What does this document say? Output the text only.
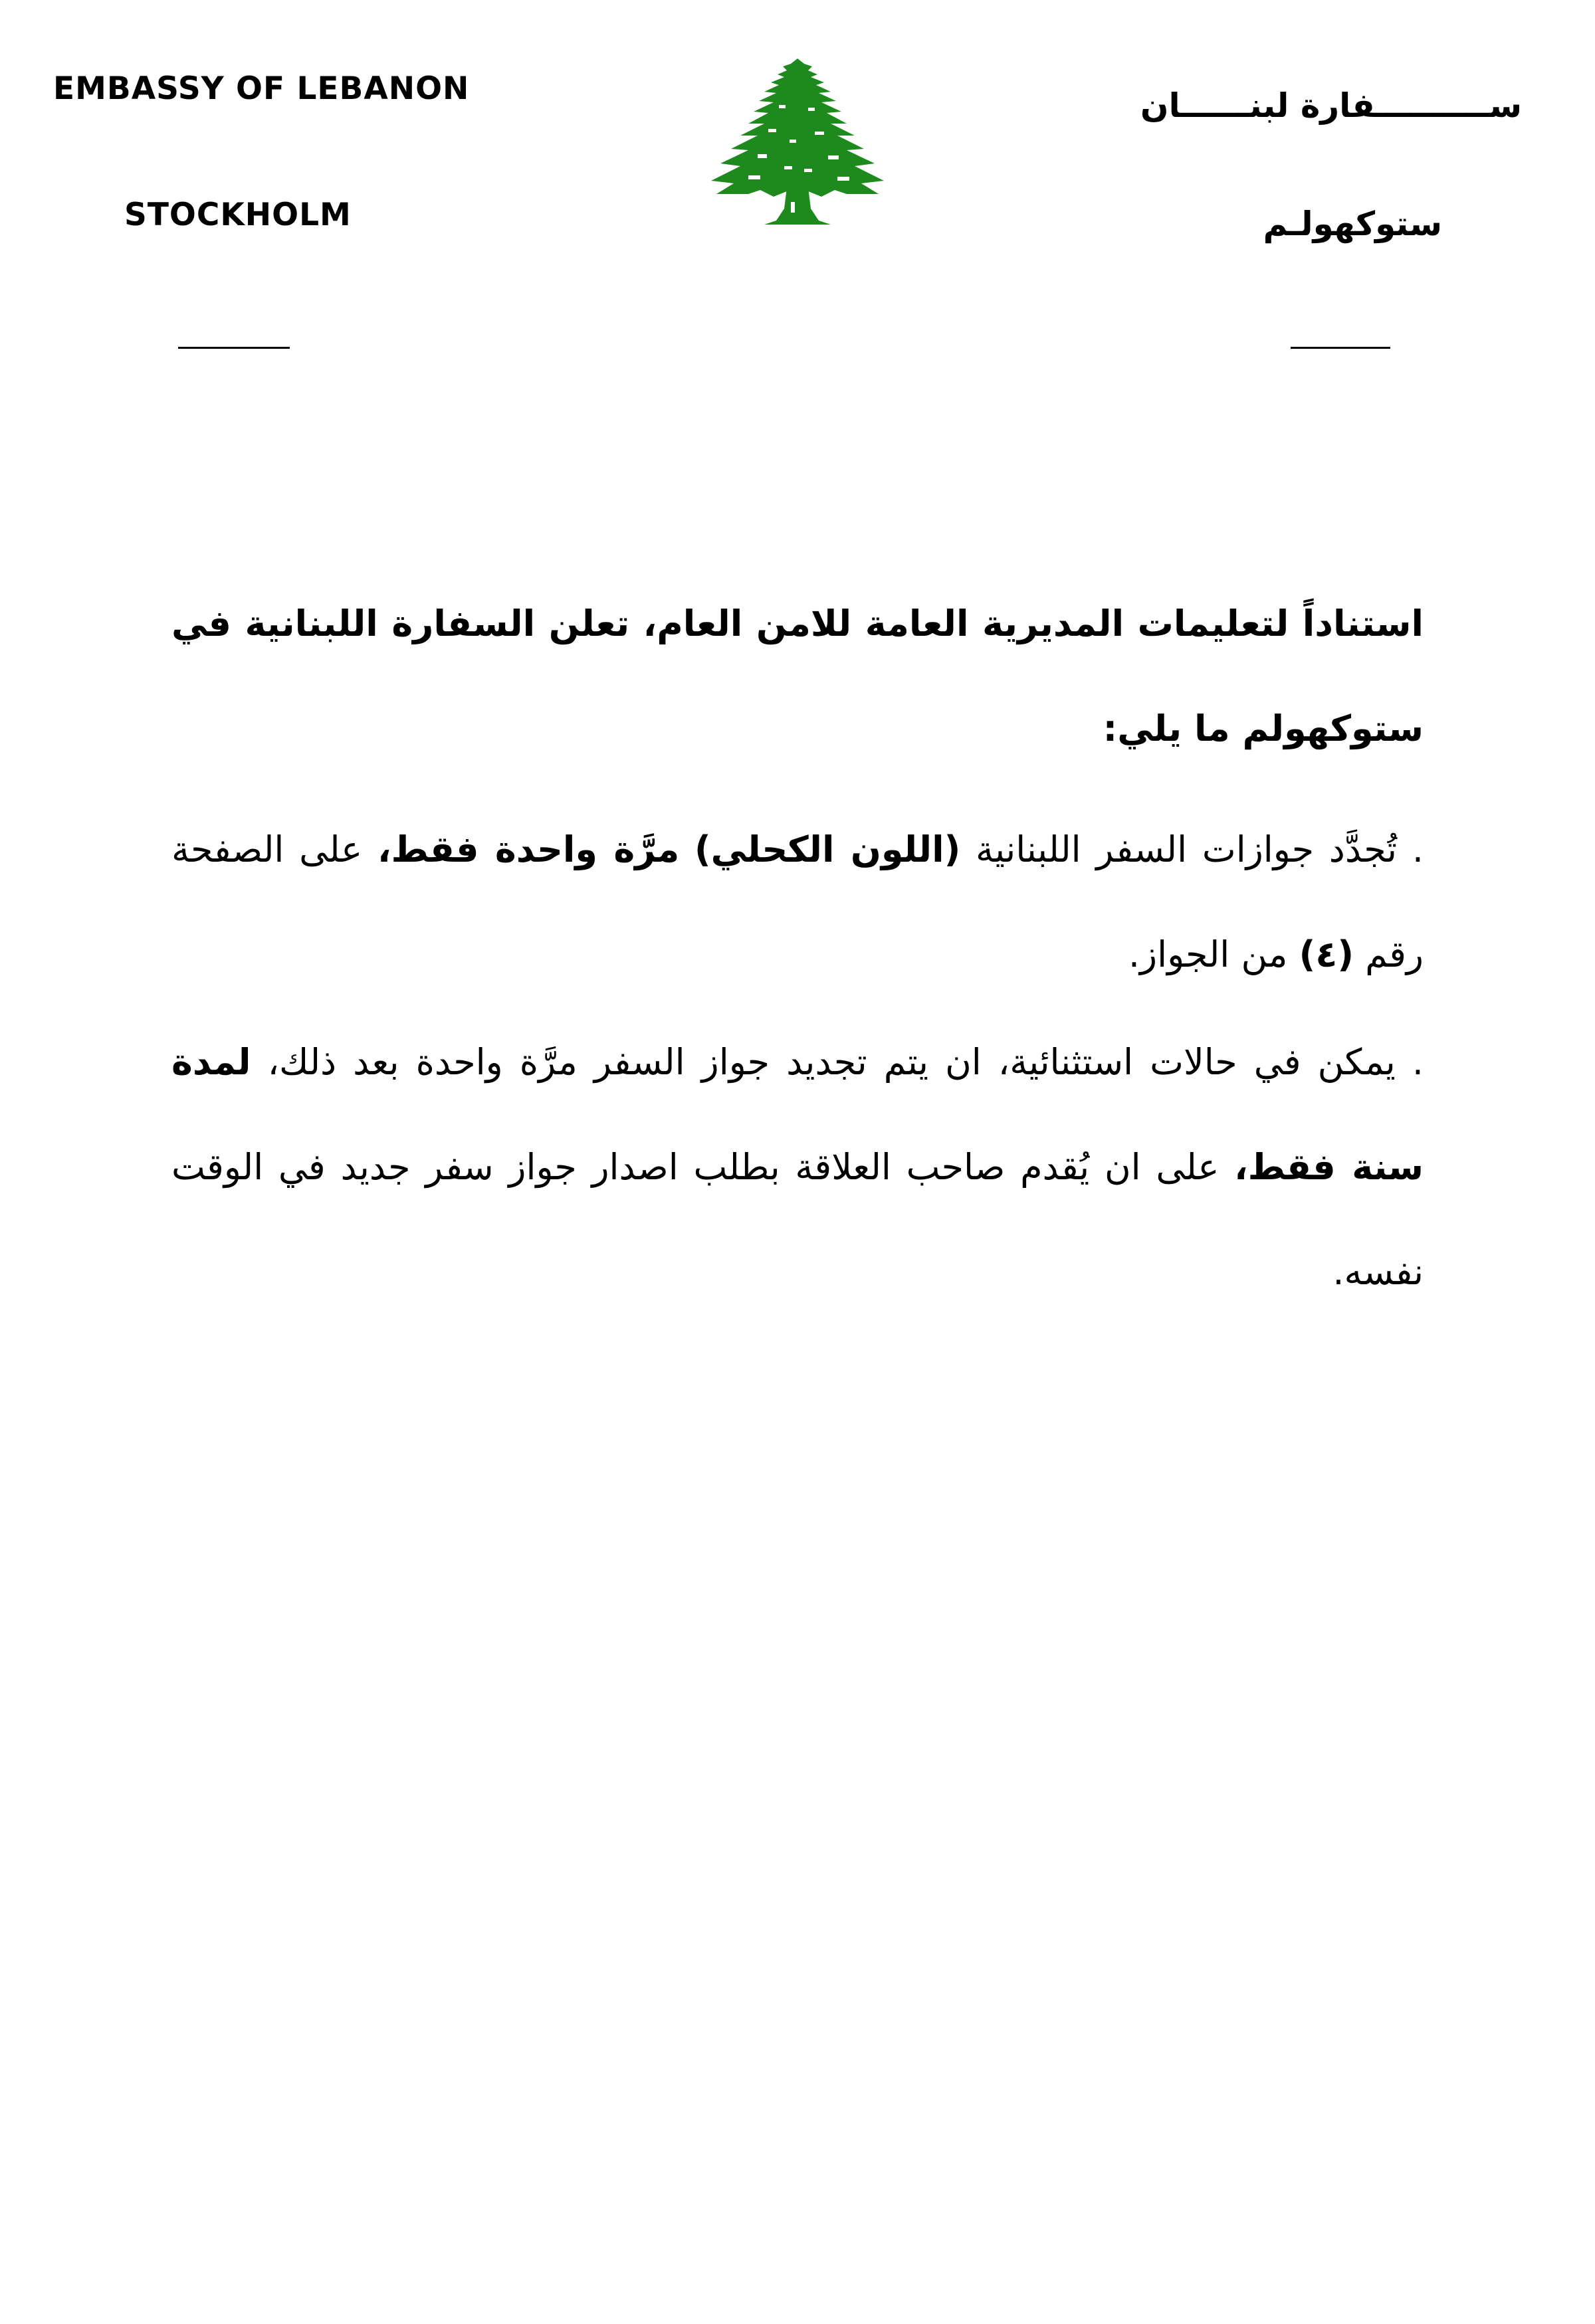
EMBASSY OF LEBANON
STOCKHOLM
ســــــــــفارة لبنــــــان
ستوكهولـم

استناداً لتعليمات المديرية العامة للامن العام، تعلن السفارة اللبنانية في ستوكهولم ما يلي:

. تُجدَّد جوازات السفر اللبنانية (اللون الكحلي) مرَّة واحدة فقط، على الصفحة رقم (٤) من الجواز.

. يمكن في حالات استثنائية، ان يتم تجديد جواز السفر مرَّة واحدة بعد ذلك، لمدة سنة فقط، على ان يُقدم صاحب العلاقة بطلب اصدار جواز سفر جديد في الوقت نفسه.
